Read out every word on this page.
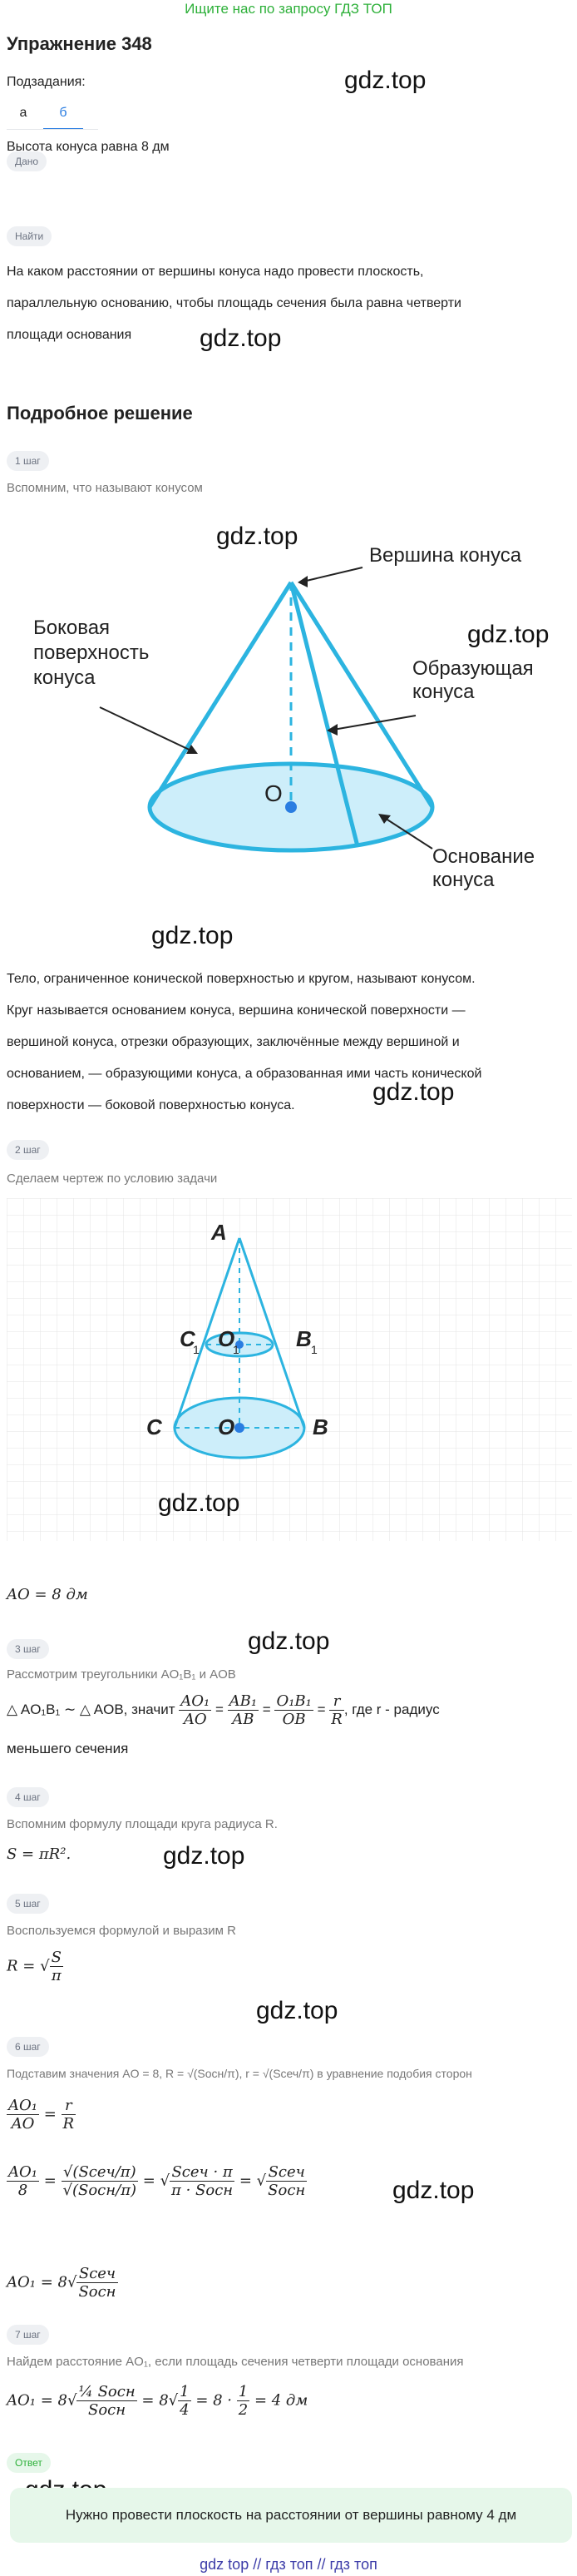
Ищите нас по запросу ГДЗ ТОП
Упражнение 348
Подзадания:
а	б
gdz.top
Дано
Высота конуса равна 8 дм
Найти
На каком расстоянии от вершины конуса надо провести плоскость,
параллельную основанию, чтобы площадь сечения была равна четверти
площади основания	gdz.top
Подробное решение
1 шаг
Вспомним, что называют конусом
gdz.top
gdz.top
Вершина конуса
Боковая
поверхность
конуса	Образующая
конуса
Основание
конуса
O
gdz.top
Тело, ограниченное конической поверхностью и кругом, называют конусом.
Круг называется основанием конуса, вершина конической поверхности —
вершиной конуса, отрезки образующих, заключённые между вершиной и
основанием, — образующими конуса, а образованная ими часть конической
поверхности — боковой поверхностью конуса.	gdz.top
2 шаг
Сделаем чертеж по условию задачи
A
C
1 O
1	B 1
C	O	B
gdz.top
AO = 8 дм
3 шаг	gdz.top
Рассмотрим треугольники AO₁B₁ и AOB
△ AO₁B₁ ∼ △ AOB, значит $\frac{\text{AO₁}}{AO} = \frac{\text{AB₁}}{AB} = \frac{\text{O₁B₁}}{OB} = \frac{r}{R}$ , где r - радиус
меньшего сечения
4 шаг
Вспомним формулу площади круга радиуса R.
S = πR².	gdz.top
5 шаг
Воспользуемся формулой и выразим R
R = √ $\frac{S}{\pi}$
gdz.top
6 шаг
Подставим значения AO = 8, R = √(Sосн/π), r = √(Sсеч/π) в уравнение подобия сторон
$\frac{\text{AO₁}}{AO} = \frac{r}{R}$
$\frac{\text{AO₁}}{8} = \frac{\text{√(Sсеч/π)}}{\text{√(Sосн/π)}}$ = √ $\frac{\text{Sсеч · π}}{\text{π · Sосн}}$ = √ $\frac{\text{Sсеч}}{\text{Sосн}}$	gdz.top
$AO_1 = 8√ \frac{\text{Sсеч}}{\text{Sосн}}$
7 шаг
Найдем расстояние AO₁, если площадь сечения четверти площади основания
$AO_1 = 8√ \frac{\text{¼ Sосн}}{\text{Sосн}} = 8√ \frac{1}{4} = 8 \cdot \frac{1}{2} = 4$ дм
Ответ
Нужно провести плоскость на расстоянии от вершины равному 4 дм
gdz top // гдз топ // гдз топ
